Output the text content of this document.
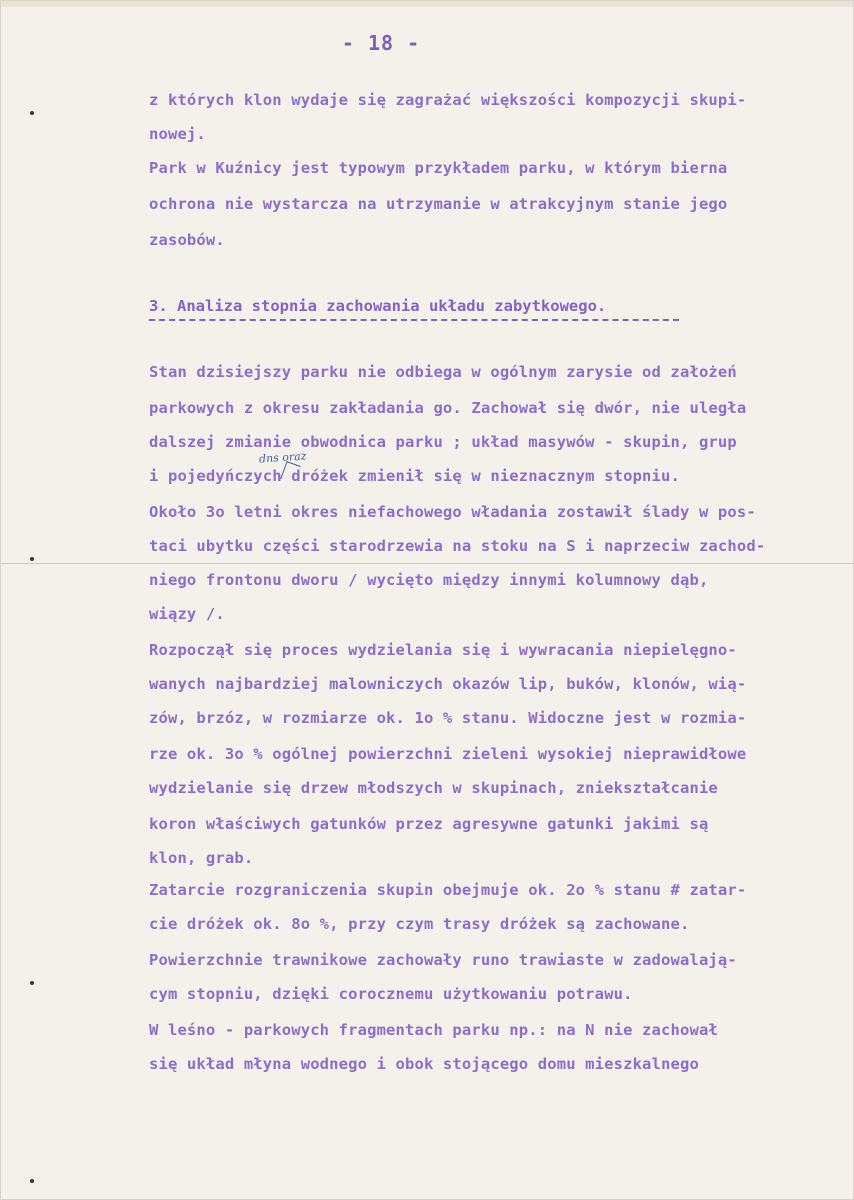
- 18 -
z których klon wydaje się zagrażać większości kompozycji skupi-
nowej.
Park w Kuźnicy jest typowym przykładem parku, w którym bierna
ochrona nie wystarcza na utrzymanie w atrakcyjnym stanie jego
zasobów.
3. Analiza stopnia zachowania układu zabytkowego.
Stan dzisiejszy parku nie odbiega w ogólnym zarysie od założeń
parkowych z okresu zakładania go. Zachował się dwór, nie uległa
dalszej zmianie obwodnica parku ; układ masywów - skupin, grup
dns oraz
i pojedyńczych dróżek zmienił się w nieznacznym stopniu.
Około 3o letni okres niefachowego władania zostawił ślady w pos-
taci ubytku części starodrzewia na stoku na S i naprzeciw zachod-
niego frontonu dworu / wycięto między innymi kolumnowy dąb,
wiązy /.
Rozpoczął się proces wydzielania się i wywracania niepielęgno-
wanych najbardziej malowniczych okazów lip, buków, klonów, wią-
zów, brzóz, w rozmiarze ok. 1o % stanu. Widoczne jest w rozmia-
rze ok. 3o % ogólnej powierzchni zieleni wysokiej nieprawidłowe
wydzielanie się drzew młodszych w skupinach, zniekształcanie
koron właściwych gatunków przez agresywne gatunki jakimi są
klon, grab.
Zatarcie rozgraniczenia skupin obejmuje ok. 2o % stanu # zatar-
cie dróżek ok. 8o %, przy czym trasy dróżek są zachowane.
Powierzchnie trawnikowe zachowały runo trawiaste w zadowalają-
cym stopniu, dzięki corocznemu użytkowaniu potrawu.
W leśno - parkowych fragmentach parku np.: na N nie zachował
się układ młyna wodnego i obok stojącego domu mieszkalnego
